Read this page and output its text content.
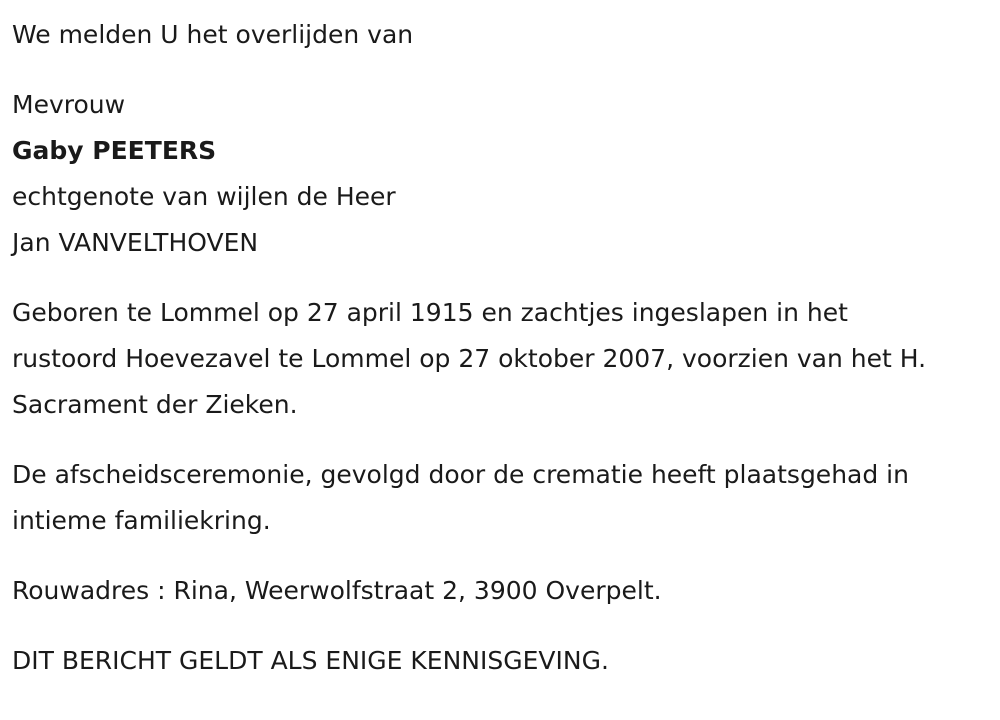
We melden U het overlijden van
Mevrouw
Gaby PEETERS
echtgenote van wijlen de Heer
Jan VANVELTHOVEN
Geboren te Lommel op 27 april 1915 en zachtjes ingeslapen in het
rustoord Hoevezavel te Lommel op 27 oktober 2007, voorzien van het H.
Sacrament der Zieken.
De afscheidsceremonie, gevolgd door de crematie heeft plaatsgehad in
intieme familiekring.
Rouwadres : Rina, Weerwolfstraat 2, 3900 Overpelt.
DIT BERICHT GELDT ALS ENIGE KENNISGEVING.
